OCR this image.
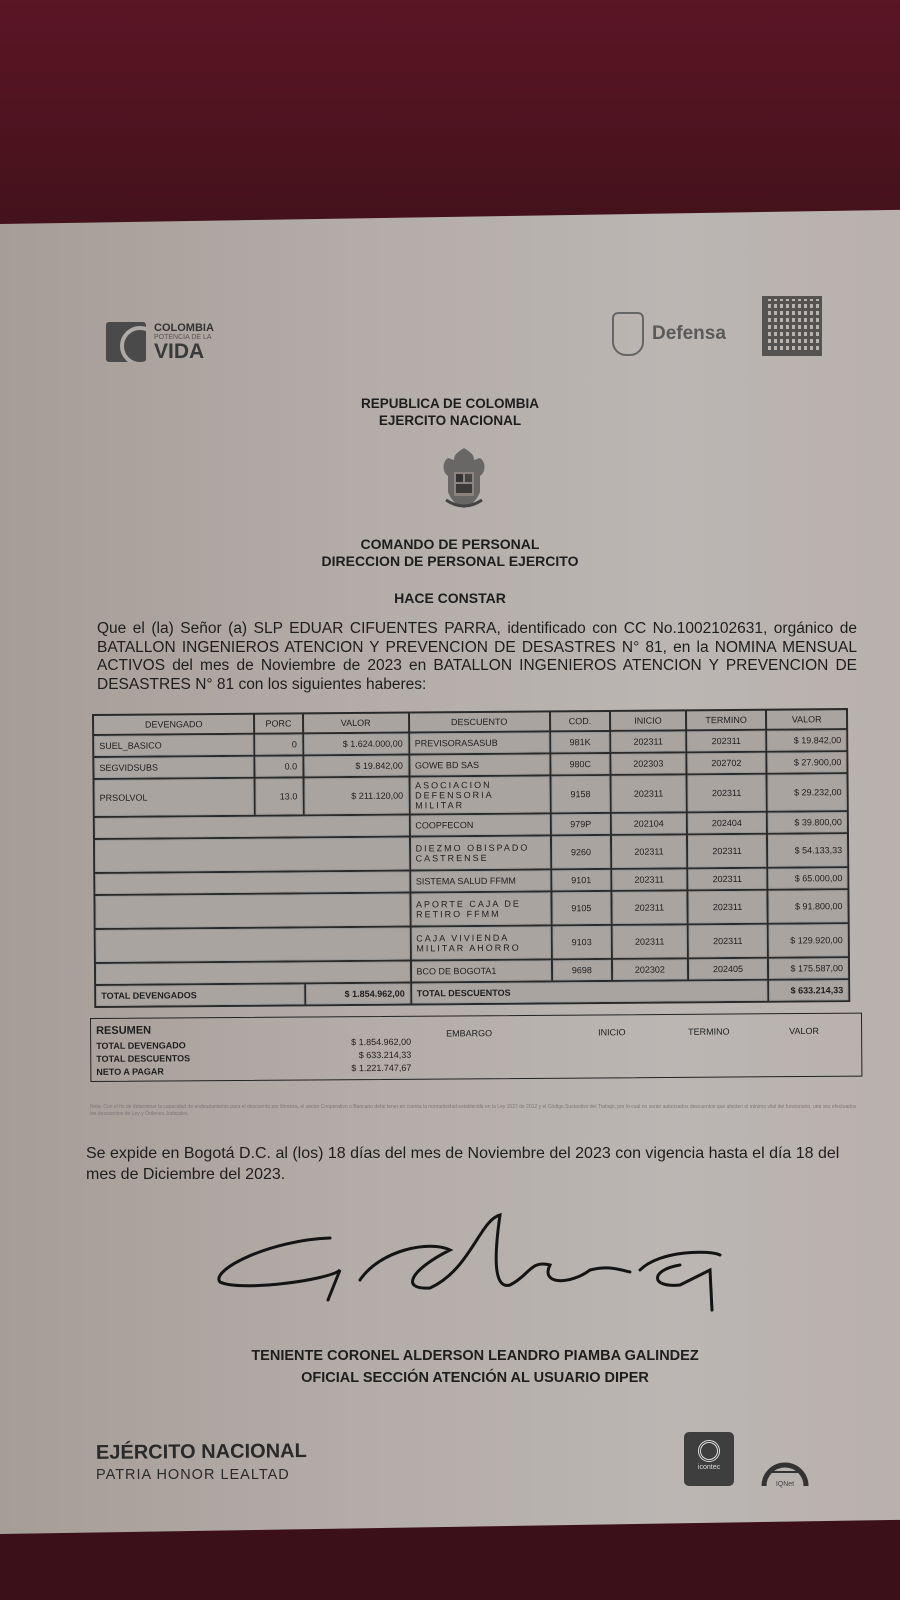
COLOMBIA
POTENCIA DE LA
VIDA
Defensa
REPUBLICA DE COLOMBIA
EJERCITO NACIONAL
COMANDO DE PERSONAL
DIRECCION DE PERSONAL EJERCITO
HACE CONSTAR
Que el (la) Señor (a) SLP EDUAR CIFUENTES PARRA, identificado con CC No.1002102631, orgánico de BATALLON INGENIEROS ATENCION Y PREVENCION DE DESASTRES N° 81, en la NOMINA MENSUAL ACTIVOS del mes de Noviembre de 2023 en BATALLON INGENIEROS ATENCION Y PREVENCION DE DESASTRES N° 81 con los siguientes haberes:
DEVENGADO	PORC	VALOR	DESCUENTO	COD.	INICIO	TERMINO	VALOR
SUEL_BASICO	0	$ 1.624.000,00	PREVISORASASUB	981K	202311	202311	$ 19.842,00
SEGVIDSUBS	0.0	$ 19.842,00	GOWE BD SAS	980C	202303	202702	$ 27.900,00
PRSOLVOL	13.0	$ 211.120,00	ASOCIACION DEFENSORIA MILITAR	9158	202311	202311	$ 29.232,00
			COOPFECON	979P	202104	202404	$ 39.800,00
			DIEZMO OBISPADO CASTRENSE	9260	202311	202311	$ 54.133,33
			SISTEMA SALUD FFMM	9101	202311	202311	$ 65.000,00
			APORTE CAJA DE RETIRO FFMM	9105	202311	202311	$ 91.800,00
			CAJA VIVIENDA MILITAR AHORRO	9103	202311	202311	$ 129.920,00
			BCO DE BOGOTA1	9698	202302	202405	$ 175.587,00
TOTAL DEVENGADOS		$ 1.854.962,00	TOTAL DESCUENTOS				$ 633.214,33
RESUMEN
TOTAL DEVENGADO	$ 1.854.962,00
TOTAL DESCUENTOS	$ 633.214,33
NETO A PAGAR	$ 1.221.747,67
EMBARGO	INICIO	TERMINO	VALOR
Nota: Con el fin de determinar la capacidad de endeudamiento para el descuento por libranza, el sector Cooperativo o Bancario debe tener en cuenta la normatividad establecida en la Ley 1527 de 2012 y el Código Sustantivo del Trabajo, por lo cual no serán autorizados descuentos que afecten el mínimo vital del funcionario, una vez efectuados los descuentos de Ley y Órdenes Judiciales.
Se expide en Bogotá D.C. al (los) 18 días del mes de Noviembre del 2023 con vigencia hasta el día 18 del mes de Diciembre del 2023.
TENIENTE CORONEL ALDERSON LEANDRO PIAMBA GALINDEZ
OFICIAL SECCIÓN ATENCIÓN AL USUARIO DIPER
EJÉRCITO NACIONAL
PATRIA HONOR LEALTAD	icontec
IQNet
